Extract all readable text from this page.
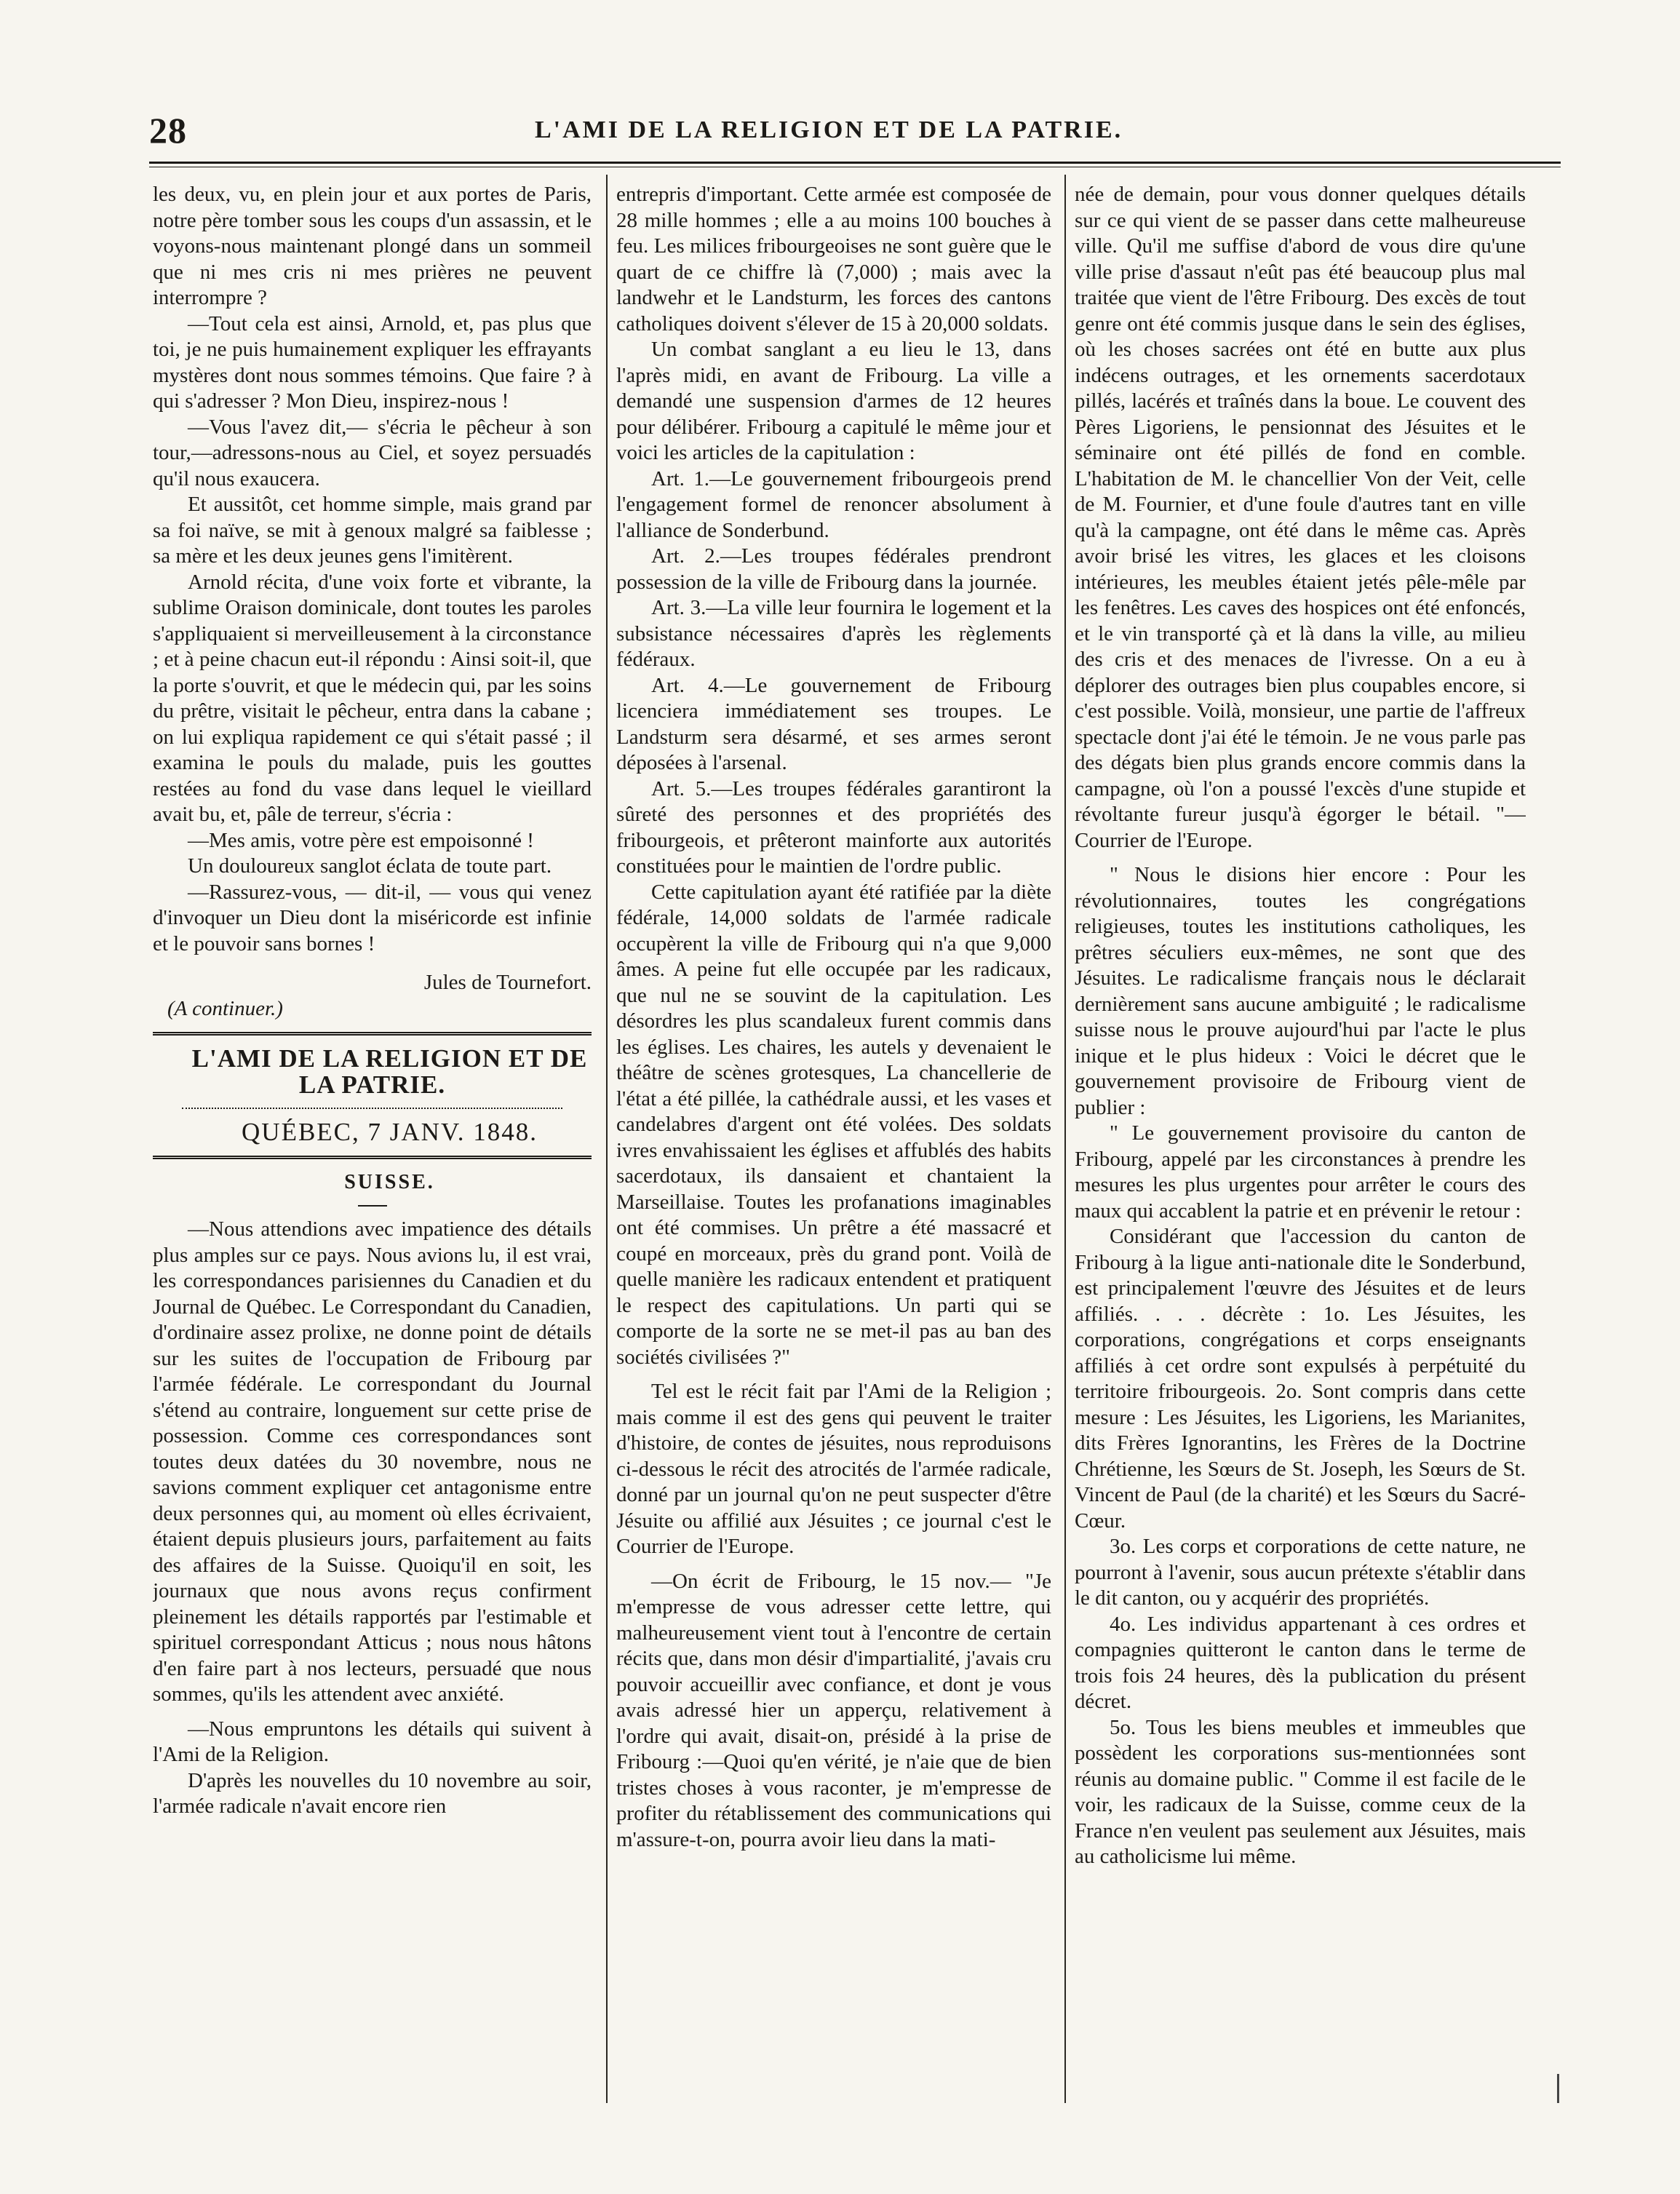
28	L'AMI DE LA RELIGION ET DE LA PATRIE.

les deux, vu, en plein jour et aux portes de Paris, notre père tomber sous les coups d'un assassin, et le voyons-nous maintenant plongé dans un sommeil que ni mes cris ni mes prières ne peuvent interrompre ?

—Tout cela est ainsi, Arnold, et, pas plus que toi, je ne puis humainement expliquer les effrayants mystères dont nous sommes témoins. Que faire ? à qui s'adresser ? Mon Dieu, inspirez-nous !

—Vous l'avez dit,— s'écria le pêcheur à son tour,—adressons-nous au Ciel, et soyez persuadés qu'il nous exaucera.

Et aussitôt, cet homme simple, mais grand par sa foi naïve, se mit à genoux malgré sa faiblesse ; sa mère et les deux jeunes gens l'imitèrent.

Arnold récita, d'une voix forte et vibrante, la sublime Oraison dominicale, dont toutes les paroles s'appliquaient si merveilleusement à la circonstance ; et à peine chacun eut-il répondu : Ainsi soit-il, que la porte s'ouvrit, et que le médecin qui, par les soins du prêtre, visitait le pêcheur, entra dans la cabane ; on lui expliqua rapidement ce qui s'était passé ; il examina le pouls du malade, puis les gouttes restées au fond du vase dans lequel le vieillard avait bu, et, pâle de terreur, s'écria :

—Mes amis, votre père est empoisonné !

Un douloureux sanglot éclata de toute part.

—Rassurez-vous, — dit-il, — vous qui venez d'invoquer un Dieu dont la miséricorde est infinie et le pouvoir sans bornes !

Jules de Tournefort.

(A continuer.)

L'AMI DE LA RELIGION ET DE LA PATRIE.

QUÉBEC, 7 JANV. 1848.

SUISSE.

—Nous attendions avec impatience des détails plus amples sur ce pays. Nous avions lu, il est vrai, les correspondances parisiennes du Canadien et du Journal de Québec. Le Correspondant du Canadien, d'ordinaire assez prolixe, ne donne point de détails sur les suites de l'occupation de Fribourg par l'armée fédérale. Le correspondant du Journal s'étend au contraire, longuement sur cette prise de possession. Comme ces correspondances sont toutes deux datées du 30 novembre, nous ne savions comment expliquer cet antagonisme entre deux personnes qui, au moment où elles écrivaient, étaient depuis plusieurs jours, parfaitement au faits des affaires de la Suisse. Quoiqu'il en soit, les journaux que nous avons reçus confirment pleinement les détails rapportés par l'estimable et spirituel correspondant Atticus ; nous nous hâtons d'en faire part à nos lecteurs, persuadé que nous sommes, qu'ils les attendent avec anxiété.

—Nous empruntons les détails qui suivent à l'Ami de la Religion.

D'après les nouvelles du 10 novembre au soir, l'armée radicale n'avait encore rien

entrepris d'important. Cette armée est composée de 28 mille hommes ; elle a au moins 100 bouches à feu. Les milices fribourgeoises ne sont guère que le quart de ce chiffre là (7,000) ; mais avec la landwehr et le Landsturm, les forces des cantons catholiques doivent s'élever de 15 à 20,000 soldats.

Un combat sanglant a eu lieu le 13, dans l'après midi, en avant de Fribourg. La ville a demandé une suspension d'armes de 12 heures pour délibérer. Fribourg a capitulé le même jour et voici les articles de la capitulation :

Art. 1.—Le gouvernement fribourgeois prend l'engagement formel de renoncer absolument à l'alliance de Sonderbund.

Art. 2.—Les troupes fédérales prendront possession de la ville de Fribourg dans la journée.

Art. 3.—La ville leur fournira le logement et la subsistance nécessaires d'après les règlements fédéraux.

Art. 4.—Le gouvernement de Fribourg licenciera immédiatement ses troupes. Le Landsturm sera désarmé, et ses armes seront déposées à l'arsenal.

Art. 5.—Les troupes fédérales garantiront la sûreté des personnes et des propriétés des fribourgeois, et prêteront mainforte aux autorités constituées pour le maintien de l'ordre public.

Cette capitulation ayant été ratifiée par la diète fédérale, 14,000 soldats de l'armée radicale occupèrent la ville de Fribourg qui n'a que 9,000 âmes. A peine fut elle occupée par les radicaux, que nul ne se souvint de la capitulation. Les désordres les plus scandaleux furent commis dans les églises. Les chaires, les autels y devenaient le théâtre de scènes grotesques, La chancellerie de l'état a été pillée, la cathédrale aussi, et les vases et candelabres d'argent ont été volées. Des soldats ivres envahissaient les églises et affublés des habits sacerdotaux, ils dansaient et chantaient la Marseillaise. Toutes les profanations imaginables ont été commises. Un prêtre a été massacré et coupé en morceaux, près du grand pont. Voilà de quelle manière les radicaux entendent et pratiquent le respect des capitulations. Un parti qui se comporte de la sorte ne se met-il pas au ban des sociétés civilisées ?"

Tel est le récit fait par l'Ami de la Religion ; mais comme il est des gens qui peuvent le traiter d'histoire, de contes de jésuites, nous reproduisons ci-dessous le récit des atrocités de l'armée radicale, donné par un journal qu'on ne peut suspecter d'être Jésuite ou affilié aux Jésuites ; ce journal c'est le Courrier de l'Europe.

—On écrit de Fribourg, le 15 nov.— "Je m'empresse de vous adresser cette lettre, qui malheureusement vient tout à l'encontre de certain récits que, dans mon désir d'impartialité, j'avais cru pouvoir accueillir avec confiance, et dont je vous avais adressé hier un apperçu, relativement à l'ordre qui avait, disait-on, présidé à la prise de Fribourg :—Quoi qu'en vérité, je n'aie que de bien tristes choses à vous raconter, je m'empresse de profiter du rétablissement des communications qui m'assure-t-on, pourra avoir lieu dans la mati-

née de demain, pour vous donner quelques détails sur ce qui vient de se passer dans cette malheureuse ville. Qu'il me suffise d'abord de vous dire qu'une ville prise d'assaut n'eût pas été beaucoup plus mal traitée que vient de l'être Fribourg. Des excès de tout genre ont été commis jusque dans le sein des églises, où les choses sacrées ont été en butte aux plus indécens outrages, et les ornements sacerdotaux pillés, lacérés et traînés dans la boue. Le couvent des Pères Ligoriens, le pensionnat des Jésuites et le séminaire ont été pillés de fond en comble. L'habitation de M. le chancellier Von der Veit, celle de M. Fournier, et d'une foule d'autres tant en ville qu'à la campagne, ont été dans le même cas. Après avoir brisé les vitres, les glaces et les cloisons intérieures, les meubles étaient jetés pêle-mêle par les fenêtres. Les caves des hospices ont été enfoncés, et le vin transporté çà et là dans la ville, au milieu des cris et des menaces de l'ivresse. On a eu à déplorer des outrages bien plus coupables encore, si c'est possible. Voilà, monsieur, une partie de l'affreux spectacle dont j'ai été le témoin. Je ne vous parle pas des dégats bien plus grands encore commis dans la campagne, où l'on a poussé l'excès d'une stupide et révoltante fureur jusqu'à égorger le bétail. "—Courrier de l'Europe.

" Nous le disions hier encore : Pour les révolutionnaires, toutes les congrégations religieuses, toutes les institutions catholiques, les prêtres séculiers eux-mêmes, ne sont que des Jésuites. Le radicalisme français nous le déclarait dernièrement sans aucune ambiguité ; le radicalisme suisse nous le prouve aujourd'hui par l'acte le plus inique et le plus hideux : Voici le décret que le gouvernement provisoire de Fribourg vient de publier :

" Le gouvernement provisoire du canton de Fribourg, appelé par les circonstances à prendre les mesures les plus urgentes pour arrêter le cours des maux qui accablent la patrie et en prévenir le retour :

Considérant que l'accession du canton de Fribourg à la ligue anti-nationale dite le Sonderbund, est principalement l'œuvre des Jésuites et de leurs affiliés. . . . décrète : 1o. Les Jésuites, les corporations, congrégations et corps enseignants affiliés à cet ordre sont expulsés à perpétuité du territoire fribourgeois. 2o. Sont compris dans cette mesure : Les Jésuites, les Ligoriens, les Marianites, dits Frères Ignorantins, les Frères de la Doctrine Chrétienne, les Sœurs de St. Joseph, les Sœurs de St. Vincent de Paul (de la charité) et les Sœurs du Sacré-Cœur.

3o. Les corps et corporations de cette nature, ne pourront à l'avenir, sous aucun prétexte s'établir dans le dit canton, ou y acquérir des propriétés.

4o. Les individus appartenant à ces ordres et compagnies quitteront le canton dans le terme de trois fois 24 heures, dès la publication du présent décret.

5o. Tous les biens meubles et immeubles que possèdent les corporations sus-mentionnées sont réunis au domaine public. " Comme il est facile de le voir, les radicaux de la Suisse, comme ceux de la France n'en veulent pas seulement aux Jésuites, mais au catholicisme lui même.
